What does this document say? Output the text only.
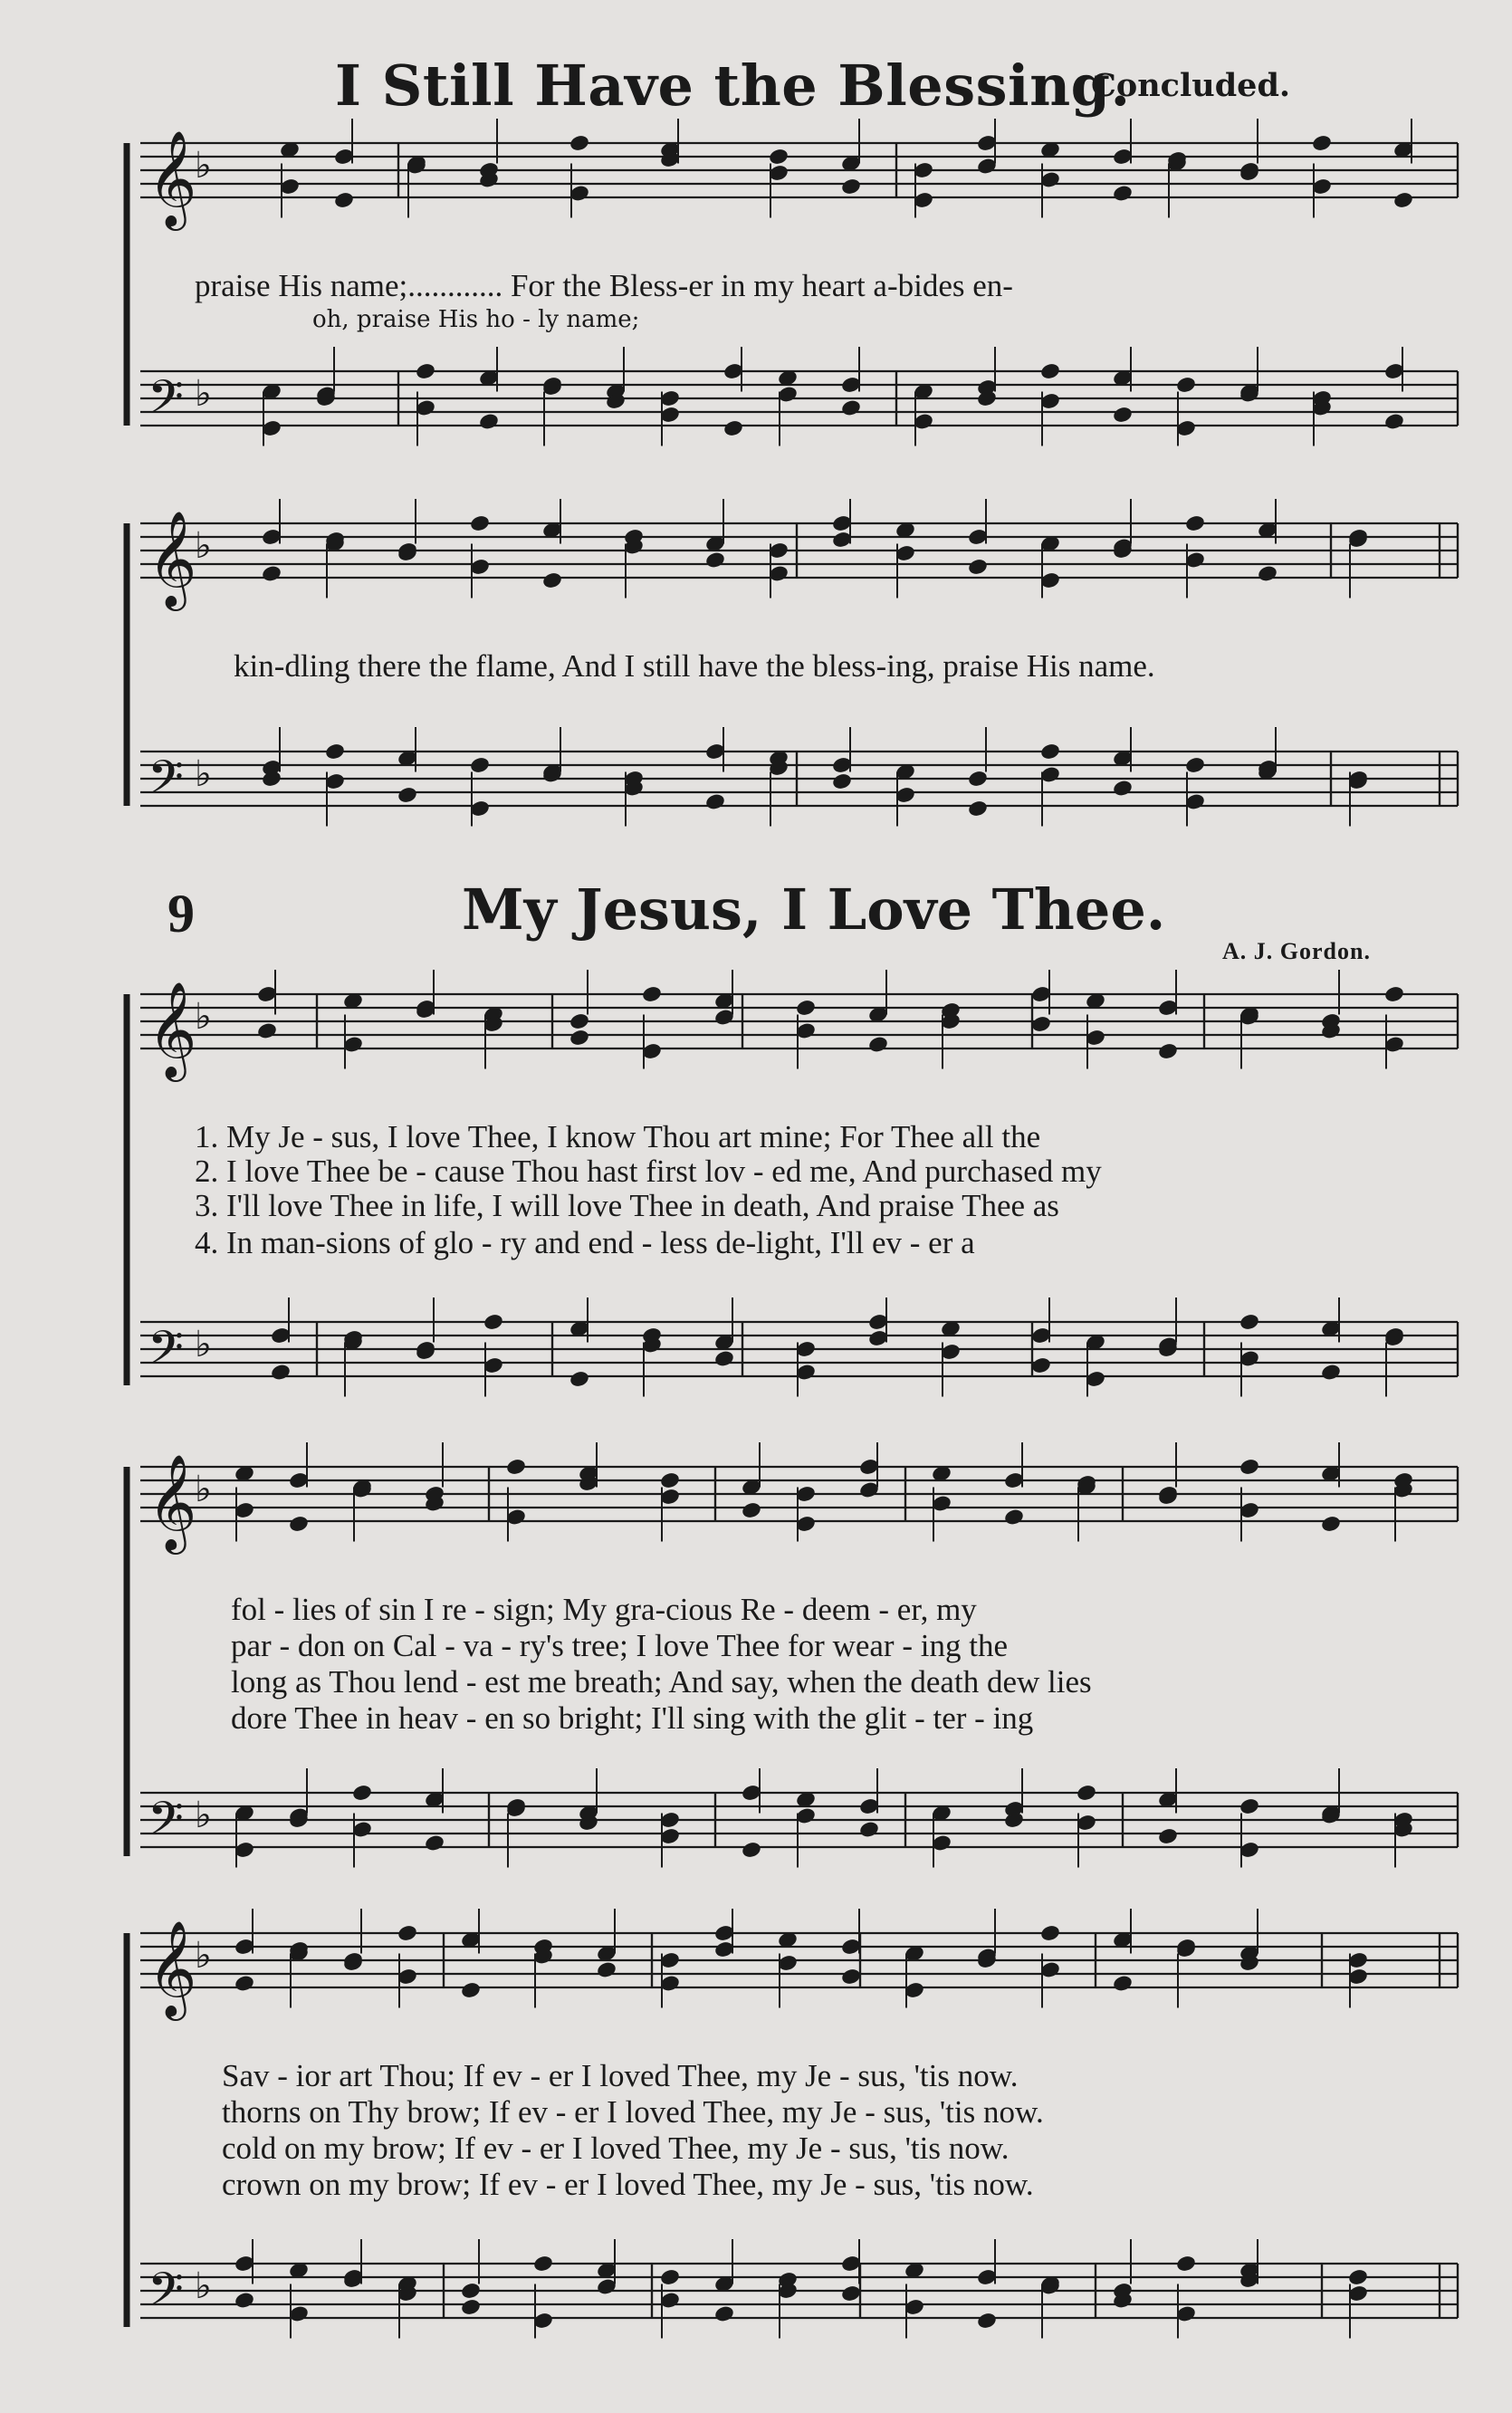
𝄞
♭
𝄢 ♭
𝄞
♭
𝄢 ♭
𝄞
♭
𝄢 ♭
𝄞
♭
𝄢 ♭
𝄞
♭
𝄢 ♭
I Still Have the Blessing.
Concluded.
praise His name;............ For the Bless-er in my heart a-bides en-
oh, praise His ho - ly name;
kin-dling there the flame, And I still have the bless-ing, praise His name.
9	My Jesus, I Love Thee.
A. J. Gordon.
1. My Je - sus, I love Thee, I know Thou art mine; For Thee all the
2. I love Thee be - cause Thou hast first lov - ed me, And purchased my
3. I'll love Thee in life, I will love Thee in death, And praise Thee as
4. In man-sions of glo - ry and end - less de-light, I'll ev - er a
fol - lies of sin I re - sign; My gra-cious Re - deem - er, my
par - don on Cal - va - ry's tree; I love Thee for wear - ing the
long as Thou lend - est me breath; And say, when the death dew lies
dore Thee in heav - en so bright; I'll sing with the glit - ter - ing
Sav - ior art Thou; If ev - er I loved Thee, my Je - sus, 'tis now.
thorns on Thy brow; If ev - er I loved Thee, my Je - sus, 'tis now.
cold on my brow; If ev - er I loved Thee, my Je - sus, 'tis now.
crown on my brow; If ev - er I loved Thee, my Je - sus, 'tis now.
